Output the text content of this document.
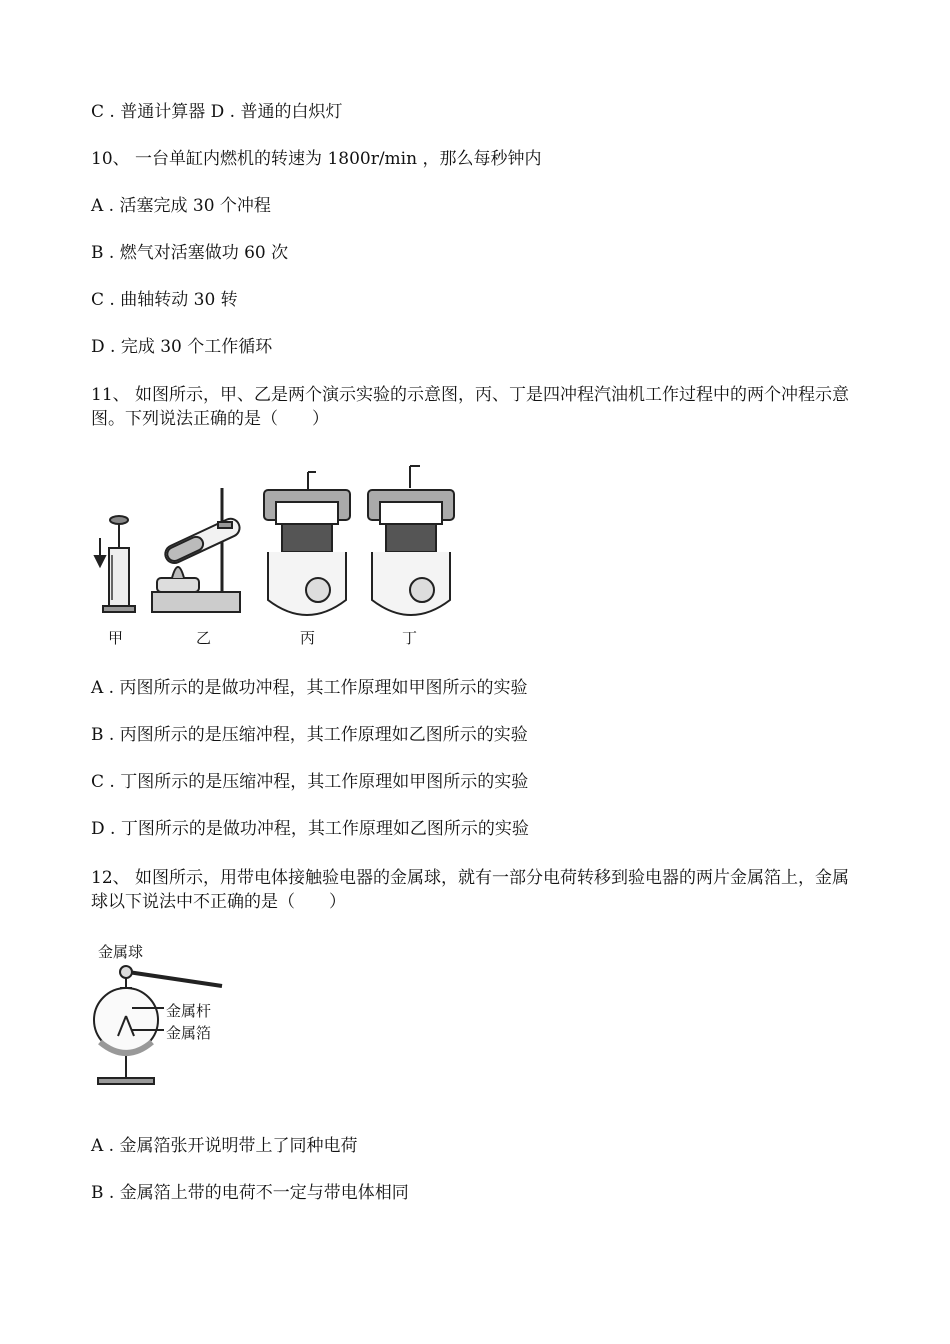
C . 普通计算器 D . 普通的白炽灯
10、 一台单缸内燃机的转速为 1800r/min ，那么每秒钟内
A . 活塞完成 30 个冲程
B . 燃气对活塞做功 60 次
C . 曲轴转动 30 转
D . 完成 30 个工作循环
11、 如图所示，甲、乙是两个演示实验的示意图，丙、丁是四冲程汽油机工作过程中的两个冲程示意图。下列说法正确的是（　　）
甲	乙	丙	丁
A . 丙图所示的是做功冲程，其工作原理如甲图所示的实验
B . 丙图所示的是压缩冲程，其工作原理如乙图所示的实验
C . 丁图所示的是压缩冲程，其工作原理如甲图所示的实验
D . 丁图所示的是做功冲程，其工作原理如乙图所示的实验
12、 如图所示，用带电体接触验电器的金属球，就有一部分电荷转移到验电器的两片金属箔上，金属球以下说法中不正确的是（　　）
金属球
金属杆
金属箔
A . 金属箔张开说明带上了同种电荷
B . 金属箔上带的电荷不一定与带电体相同
